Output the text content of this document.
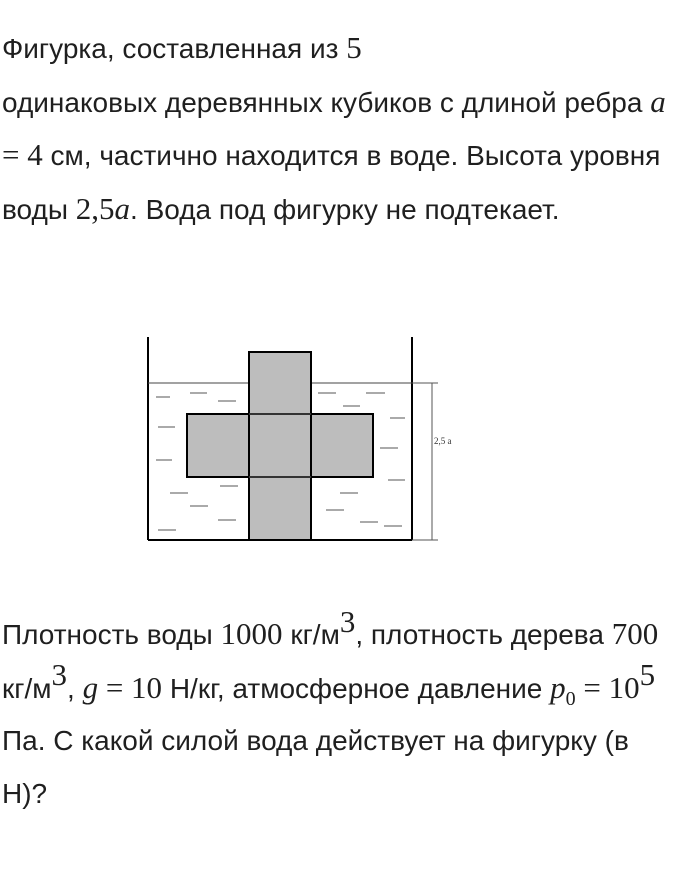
Фигурка, составленная из 5
одинаковых деревянных кубиков с длиной ребра a = 4 см, частично находится в воде. Высота уровня воды 2,5a. Вода под фигурку не подтекает.

2,5 a

Плотность воды 1000 $кг/м^3$, плотность дерева 700 $кг/м^3$, g = 10 Н/кг, атмосферное давление $p_0 = 10^5$ Па. С какой силой вода действует на фигурку (в Н)?
